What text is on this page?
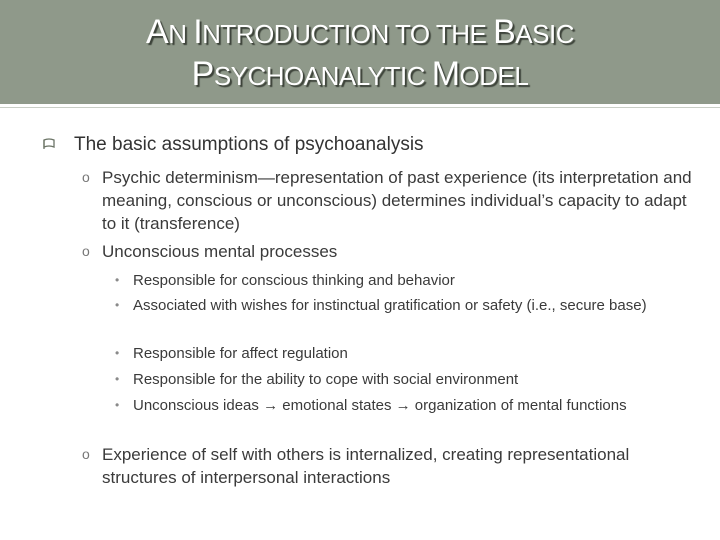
AN INTRODUCTION TO THE BASIC
PSYCHOANALYTIC MODEL
The basic assumptions of psychoanalysis
o Psychic determinism—representation of past experience (its interpretation and meaning, conscious or unconscious) determines individual’s capacity to adapt to it (transference)
o Unconscious mental processes
• Responsible for conscious thinking and behavior
• Associated with wishes for instinctual gratification or safety (i.e., secure base)
• Responsible for affect regulation
• Responsible for the ability to cope with social environment
• Unconscious ideas → emotional states → organization of mental functions
o Experience of self with others is internalized, creating representational structures of interpersonal interactions
